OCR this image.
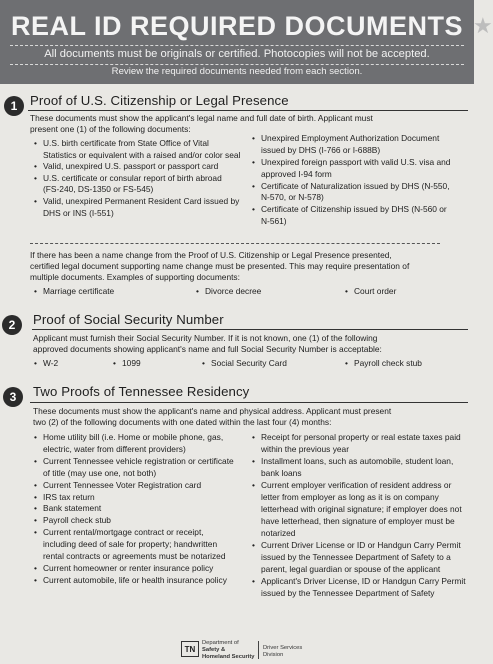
REAL ID REQUIRED DOCUMENTS ★
All documents must be originals or certified. Photocopies will not be accepted.
Review the required documents needed from each section.
1 Proof of U.S. Citizenship or Legal Presence
These documents must show the applicant's legal name and full date of birth. Applicant must
present one (1) of the following documents:
• U.S. birth certificate from State Office of Vital
Statistics or equivalent with a raised and/or color seal
• Valid, unexpired U.S. passport or passport card
• U.S. certificate or consular report of birth abroad
(FS-240, DS-1350 or FS-545)
• Valid, unexpired Permanent Resident Card issued by
DHS or INS (I-551)
• Unexpired Employment Authorization Document
issued by DHS (I-766 or I-688B)
• Unexpired foreign passport with valid U.S. visa and
approved I-94 form
• Certificate of Naturalization issued by DHS (N-550,
N-570, or N-578)
• Certificate of Citizenship issued by DHS (N-560 or
N-561)
If there has been a name change from the Proof of U.S. Citizenship or Legal Presence presented,
certified legal document supporting name change must be presented. This may require presentation of
multiple documents. Examples of supporting documents:
• Marriage certificate	• Divorce decree	• Court order
2	Proof of Social Security Number
Applicant must furnish their Social Security Number. If it is not known, one (1) of the following
approved documents showing applicant's name and full Social Security Number is acceptable:
• W-2	• 1099	• Social Security Card	• Payroll check stub
3	Two Proofs of Tennessee Residency
These documents must show the applicant's name and physical address. Applicant must present
two (2) of the following documents with one dated within the last four (4) months:
• Home utility bill (i.e. Home or mobile phone, gas,
electric, water from different providers)
• Current Tennessee vehicle registration or certificate
of title (may use one, not both)
• Current Tennessee Voter Registration card
• IRS tax return
• Bank statement
• Payroll check stub
• Current rental/mortgage contract or receipt,
including deed of sale for property; handwritten
rental contracts or agreements must be notarized
• Current homeowner or renter insurance policy
• Current automobile, life or health insurance policy
• Receipt for personal property or real estate taxes paid
within the previous year
• Installment loans, such as automobile, student loan,
bank loans
• Current employer verification of resident address or
letter from employer as long as it is on company
letterhead with original signature; if employer does not
have letterhead, then signature of employer must be
notarized
• Current Driver License or ID or Handgun Carry Permit
issued by the Tennessee Department of Safety to a
parent, legal guardian or spouse of the applicant
• Applicant's Driver License, ID or Handgun Carry Permit
issued by the Tennessee Department of Safety
TN
Department of
Safety &
Homeland Security
Driver Services
Division
